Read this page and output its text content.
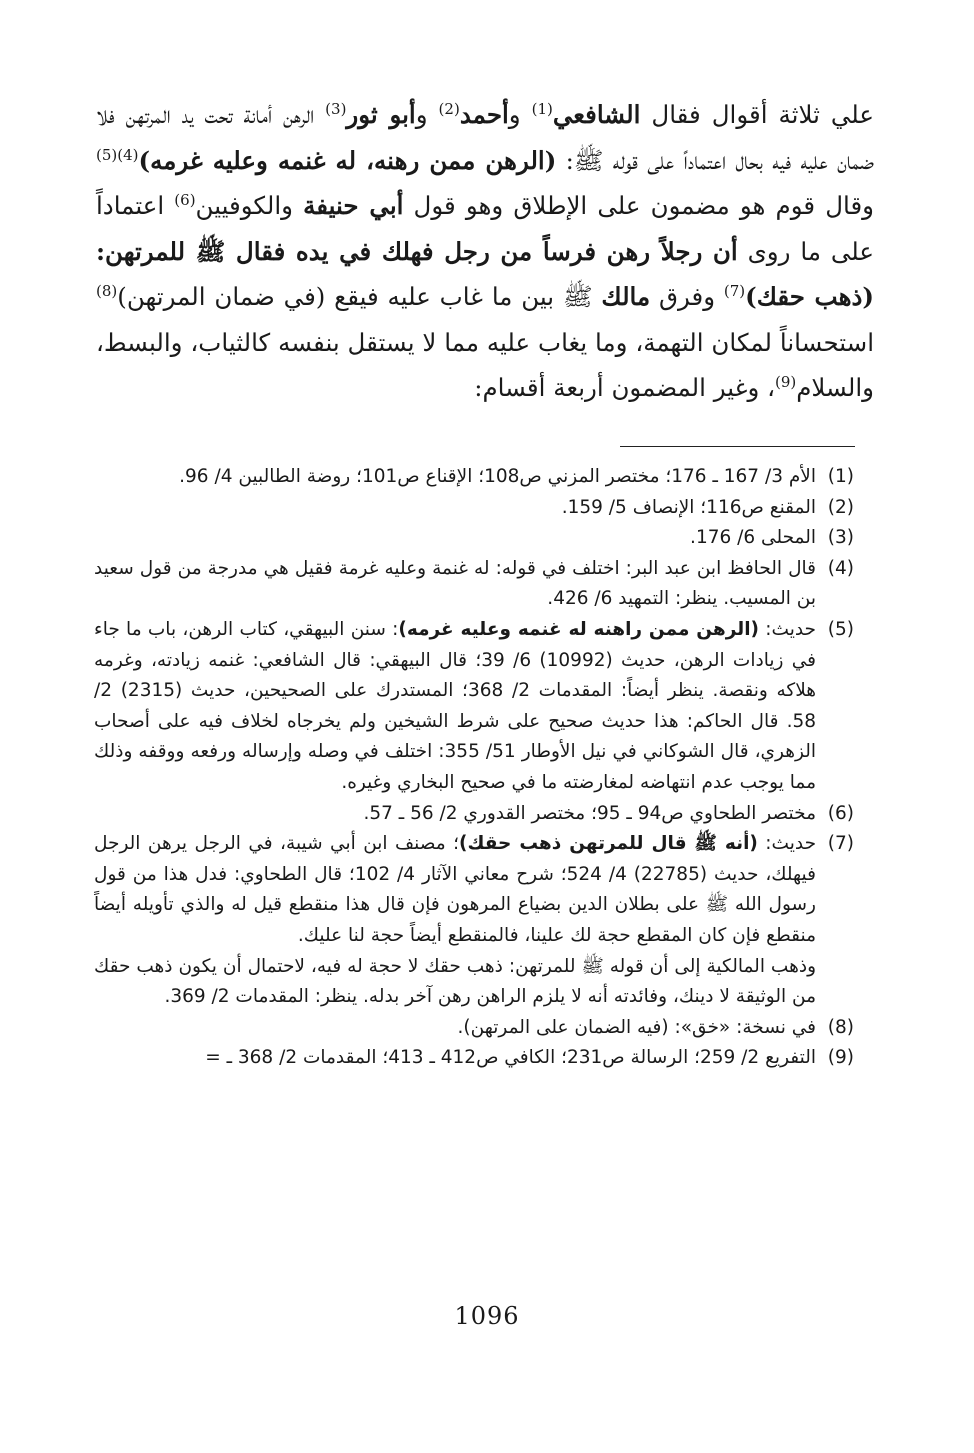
علي ثلاثة أقوال فقال الشافعي$^{(1)}$ وأحمد$^{(2)}$ وأبو ثور$^{(3)}$ الرهن أمانة تحت يد المرتهن فلا ضمان عليه فيه بحال اعتماداً على قوله ﷺ: (الرهن ممن رهنه، له غنمه وعليه غرمه)$^{(4)(5)}$ وقال قوم هو مضمون على الإطلاق وهو قول أبي حنيفة والكوفيين$^{(6)}$ اعتماداً على ما روى أن رجلاً رهن فرساً من رجل فهلك في يده فقال ﷺ للمرتهن: (ذهب حقك)$^{(7)}$ وفرق مالك ﷺ بين ما غاب عليه فيقع (في ضمان المرتهن)$^{(8)}$ استحساناً لمكان التهمة، وما يغاب عليه مما لا يستقل بنفسه كالثياب، والبسط، والسلام$^{(9)}$، وغير المضمون أربعة أقسام:
(1)
الأم 3/ 167 ـ 176؛ مختصر المزني ص108؛ الإقناع ص101؛ روضة الطالبين 4/ 96.
(2)
المقنع ص116؛ الإنصاف 5/ 159.
(3)
المحلى 6/ 176.
(4)
قال الحافظ ابن عبد البر: اختلف في قوله: له غنمة وعليه غرمة فقيل هي مدرجة من قول سعيد بن المسيب. ينظر: التمهيد 6/ 426.
(5)
حديث: (الرهن ممن راهنه له غنمه وعليه غرمه): سنن البيهقي، كتاب الرهن، باب ما جاء في زيادات الرهن، حديث (10992) 6/ 39؛ قال البيهقي: قال الشافعي: غنمه زيادته، وغرمه هلاكه ونقصة. ينظر أيضاً: المقدمات 2/ 368؛ المستدرك على الصحيحين، حديث (2315) 2/ 58. قال الحاكم: هذا حديث صحيح على شرط الشيخين ولم يخرجاه لخلاف فيه على أصحاب الزهري، قال الشوكاني في نيل الأوطار 51/ 355: اختلف في وصله وإرساله ورفعه ووقفه وذلك مما يوجب عدم انتهاضه لمغارضته ما في صحيح البخاري وغيره.
(6)
مختصر الطحاوي ص94 ـ 95؛ مختصر القدوري 2/ 56 ـ 57.
(7)
حديث: (أنه ﷺ قال للمرتهن ذهب حقك)؛ مصنف ابن أبي شيبة، في الرجل يرهن الرجل فيهلك، حديث (22785) 4/ 524؛ شرح معاني الآثار 4/ 102؛ قال الطحاوي: فدل هذا من قول رسول الله ﷺ على بطلان الدين بضياع المرهون فإن قال هذا منقطع قيل له والذي تأويله أيضاً منقطع فإن كان المقطع حجة لك علينا، فالمنقطع أيضاً حجة لنا عليك.
وذهب المالكية إلى أن قوله ﷺ للمرتهن: ذهب حقك لا حجة له فيه، لاحتمال أن يكون ذهب حقك من الوثيقة لا دينك، وفائدته أنه لا يلزم الراهن رهن آخر بدله. ينظر: المقدمات 2/ 369.
(8)
في نسخة: «خق»: (فيه الضمان على المرتهن).
(9)
التفريع 2/ 259؛ الرسالة ص231؛ الكافي ص412 ـ 413؛ المقدمات 2/ 368 ـ =
1096
